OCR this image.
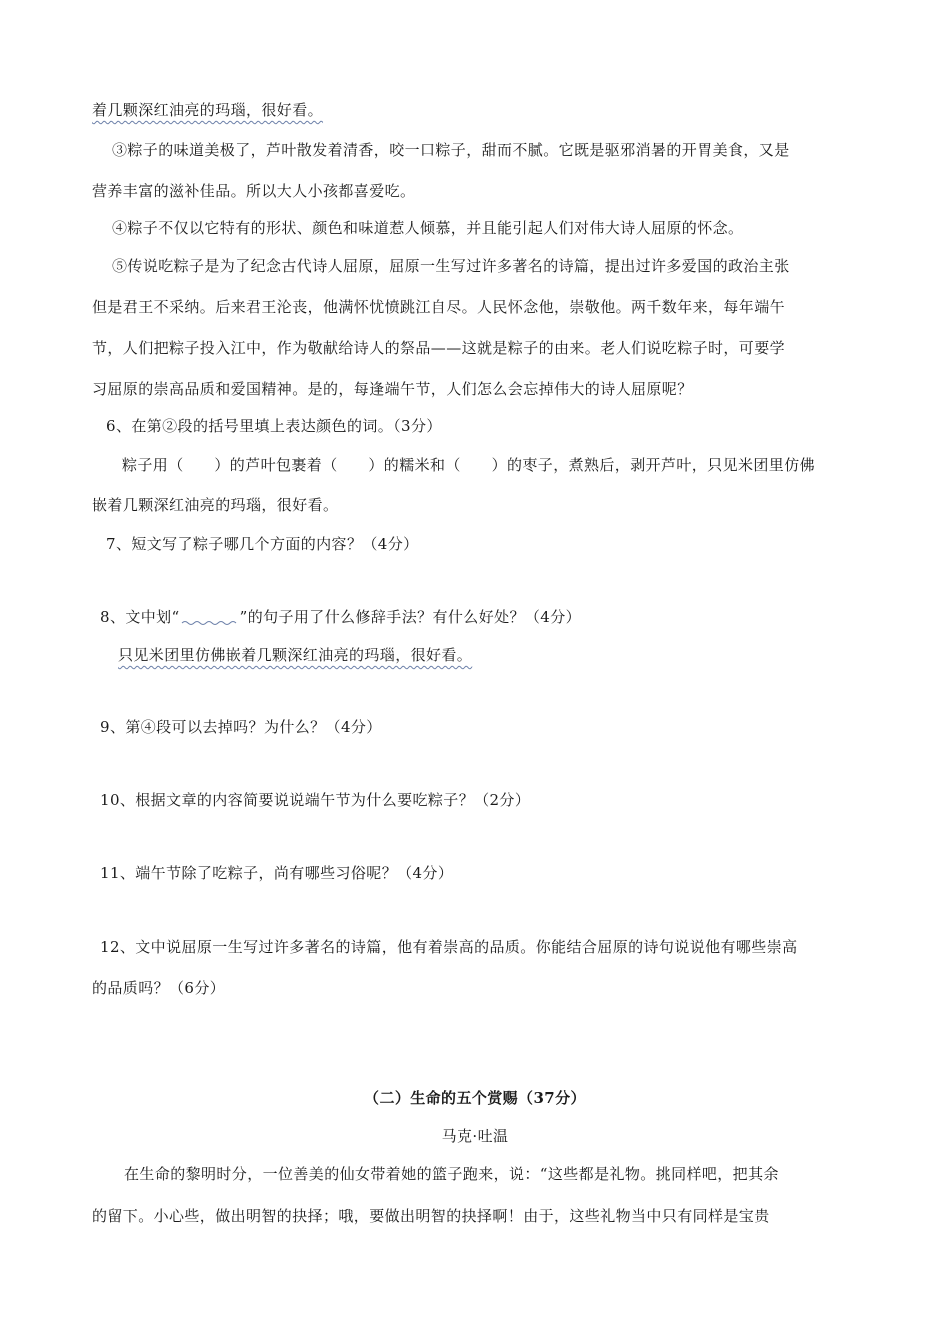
着几颗深红油亮的玛瑙，很好看。
③粽子的味道美极了，芦叶散发着清香，咬一口粽子，甜而不腻。它既是驱邪消暑的开胃美食，又是
营养丰富的滋补佳品。所以大人小孩都喜爱吃。
④粽子不仅以它特有的形状、颜色和味道惹人倾慕，并且能引起人们对伟大诗人屈原的怀念。
⑤传说吃粽子是为了纪念古代诗人屈原，屈原一生写过许多著名的诗篇，提出过许多爱国的政治主张
但是君王不采纳。后来君王沦丧，他满怀忧愤跳江自尽。人民怀念他，崇敬他。两千数年来，每年端午
节，人们把粽子投入江中，作为敬献给诗人的祭品——这就是粽子的由来。老人们说吃粽子时，可要学
习屈原的崇高品质和爱国精神。是的，每逢端午节，人们怎么会忘掉伟大的诗人屈原呢？
6、在第②段的括号里填上表达颜色的词。（3分）
粽子用（　　）的芦叶包裹着（　　）的糯米和（　　）的枣子，煮熟后，剥开芦叶，只见米团里仿佛
嵌着几颗深红油亮的玛瑙，很好看。
7、短文写了粽子哪几个方面的内容？（4分）
8、文中划“	”的句子用了什么修辞手法？有什么好处？（4分）
只见米团里仿佛嵌着几颗深红油亮的玛瑙，很好看。
9、第④段可以去掉吗？为什么？（4分）
10、根据文章的内容简要说说端午节为什么要吃粽子？（2分）
11、端午节除了吃粽子，尚有哪些习俗呢？（4分）
12、文中说屈原一生写过许多著名的诗篇，他有着崇高的品质。你能结合屈原的诗句说说他有哪些崇高
的品质吗？（6分）
（二）生命的五个赏赐（37分）
马克·吐温
在生命的黎明时分，一位善美的仙女带着她的篮子跑来，说：“这些都是礼物。挑同样吧，把其余
的留下。小心些，做出明智的抉择；哦，要做出明智的抉择啊！由于，这些礼物当中只有同样是宝贵
